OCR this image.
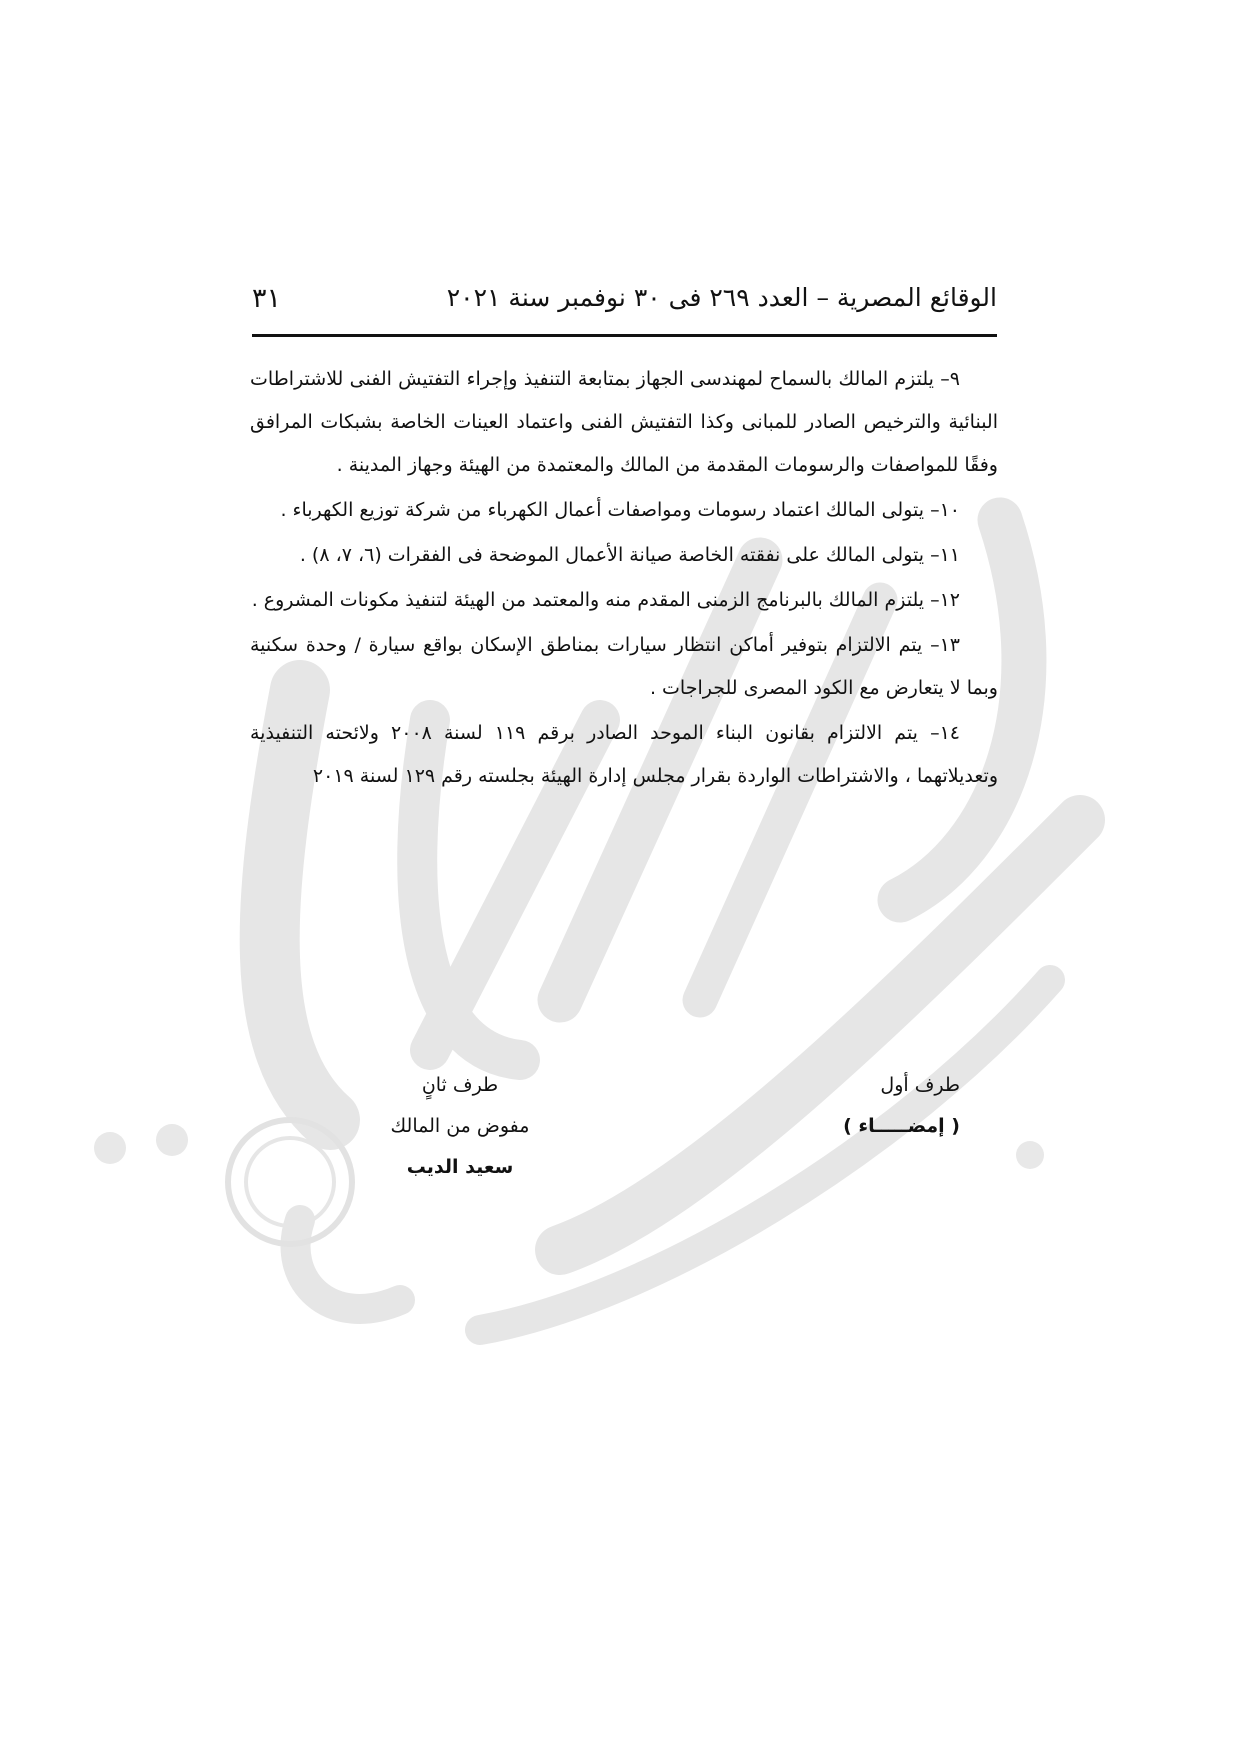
٣١	الوقائع المصرية – العدد ٢٦٩ فى ٣٠ نوفمبر سنة ٢٠٢١

٩– يلتزم المالك بالسماح لمهندسى الجهاز بمتابعة التنفيذ وإجراء التفتيش الفنى للاشتراطات البنائية والترخيص الصادر للمبانى وكذا التفتيش الفنى واعتماد العينات الخاصة بشبكات المرافق وفقًا للمواصفات والرسومات المقدمة من المالك والمعتمدة من الهيئة وجهاز المدينة .

١٠– يتولى المالك اعتماد رسومات ومواصفات أعمال الكهرباء من شركة توزيع الكهرباء .

١١– يتولى المالك على نفقته الخاصة صيانة الأعمال الموضحة فى الفقرات (٦، ٧، ٨) .

١٢– يلتزم المالك بالبرنامج الزمنى المقدم منه والمعتمد من الهيئة لتنفيذ مكونات المشروع .

١٣– يتم الالتزام بتوفير أماكن انتظار سيارات بمناطق الإسكان بواقع سيارة / وحدة سكنية وبما لا يتعارض مع الكود المصرى للجراجات .

١٤– يتم الالتزام بقانون البناء الموحد الصادر برقم ١١٩ لسنة ٢٠٠٨ ولائحته التنفيذية وتعديلاتهما ، والاشتراطات الواردة بقرار مجلس إدارة الهيئة بجلسته رقم ١٢٩ لسنة ٢٠١٩

طرف أول
( إمضـــــاء )
طرف ثانٍ
مفوض من المالك
سعيد الديب
